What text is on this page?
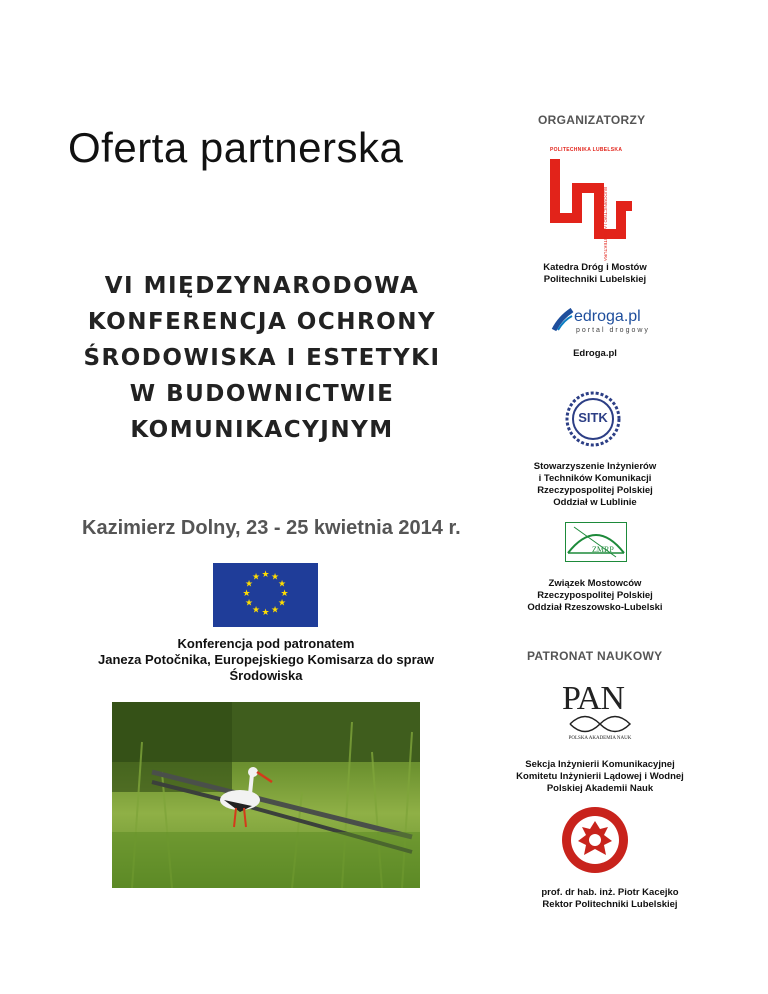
Oferta partnerska
VI MIĘDZYNARODOWA
KONFERENCJA OCHRONY
ŚRODOWISKA I ESTETYKI
W BUDOWNICTWIE
KOMUNIKACYJNYM
Kazimierz Dolny, 23 - 25 kwietnia 2014 r.
★ ★
★
★
★
★
★
★
★
★
★
★
Konferencja pod patronatem
Janeza Potočnika, Europejskiego Komisarza do spraw Środowiska
ORGANIZATORZY
POLITECHNIKA LUBELSKA
BUDOWNICTWO I ARCHITEKTURA
Katedra Dróg i Mostów
Politechniki Lubelskiej
edroga.pl
portal drogowy
Edroga.pl
SITK
Stowarzyszenie Inżynierów
i Techników Komunikacji
Rzeczypospolitej Polskiej
Oddział w Lublinie
ZMRP
Związek Mostowców
Rzeczypospolitej Polskiej
Oddział Rzeszowsko-Lubelski
PATRONAT NAUKOWY
PAN
POLSKA AKADEMIA NAUK
Sekcja Inżynierii Komunikacyjnej
Komitetu Inżynierii Lądowej i Wodnej
Polskiej Akademii Nauk
prof. dr hab. inż. Piotr Kacejko
Rektor Politechniki Lubelskiej
